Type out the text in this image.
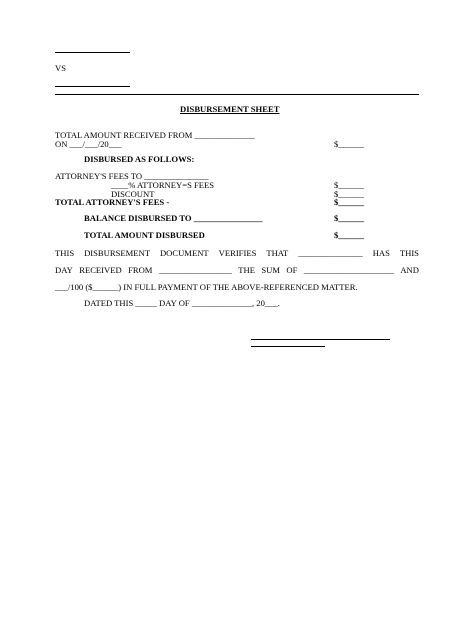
VS
DISBURSEMENT SHEET
TOTAL AMOUNT RECEIVED FROM ______________
ON ___/___/20___	$______
DISBURSED AS FOLLOWS:
ATTORNEY'S FEES TO _______________
____% ATTORNEY=S FEES	$______
DISCOUNT	$______
TOTAL ATTORNEY'S FEES -	$______
BALANCE DISBURSED TO ________________	$______
TOTAL AMOUNT DISBURSED	$______
THIS DISBURSEMENT DOCUMENT VERIFIES THAT _______________ HAS THIS
DAY RECEIVED FROM _________________ THE SUM OF _____________________ AND
___/100 ($______) IN FULL PAYMENT OF THE ABOVE-REFERENCED MATTER.
DATED THIS _____ DAY OF ______________, 20___.
